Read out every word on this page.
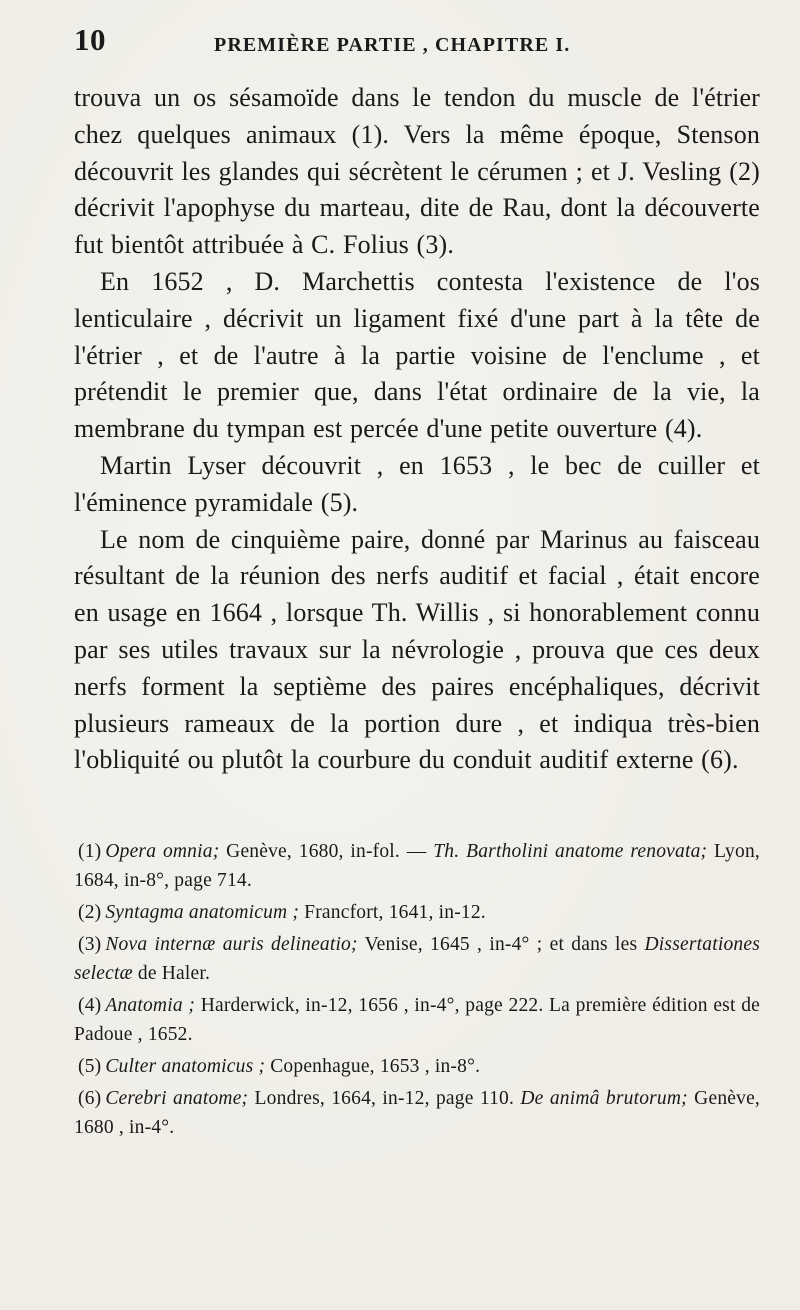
10	PREMIÈRE PARTIE , CHAPITRE I.

trouva un os sésamoïde dans le tendon du muscle de l'étrier chez quelques animaux (1). Vers la même époque, Stenson découvrit les glandes qui sécrètent le cérumen ; et J. Vesling (2) décrivit l'apophyse du marteau, dite de Rau, dont la découverte fut bientôt attribuée à C. Folius (3).

En 1652 , D. Marchettis contesta l'existence de l'os lenticulaire , décrivit un ligament fixé d'une part à la tête de l'étrier , et de l'autre à la partie voisine de l'enclume , et prétendit le premier que, dans l'état ordinaire de la vie, la membrane du tympan est percée d'une petite ouverture (4).

Martin Lyser découvrit , en 1653 , le bec de cuiller et l'éminence pyramidale (5).

Le nom de cinquième paire, donné par Marinus au faisceau résultant de la réunion des nerfs auditif et facial , était encore en usage en 1664 , lorsque Th. Willis , si honorablement connu par ses utiles travaux sur la névrologie , prouva que ces deux nerfs forment la septième des paires encéphaliques, décrivit plusieurs rameaux de la portion dure , et indiqua très-bien l'obliquité ou plutôt la courbure du conduit auditif externe (6).

(1) Opera omnia; Genève, 1680, in-fol. — Th. Bartholini anatome renovata; Lyon, 1684, in-8°, page 714.

(2) Syntagma anatomicum ; Francfort, 1641, in-12.

(3) Nova internæ auris delineatio; Venise, 1645 , in-4° ; et dans les Dissertationes selectæ de Haler.

(4) Anatomia ; Harderwick, in-12, 1656 , in-4°, page 222. La première édition est de Padoue , 1652.

(5) Culter anatomicus ; Copenhague, 1653 , in-8°.

(6) Cerebri anatome; Londres, 1664, in-12, page 110. De animâ brutorum; Genève, 1680 , in-4°.
